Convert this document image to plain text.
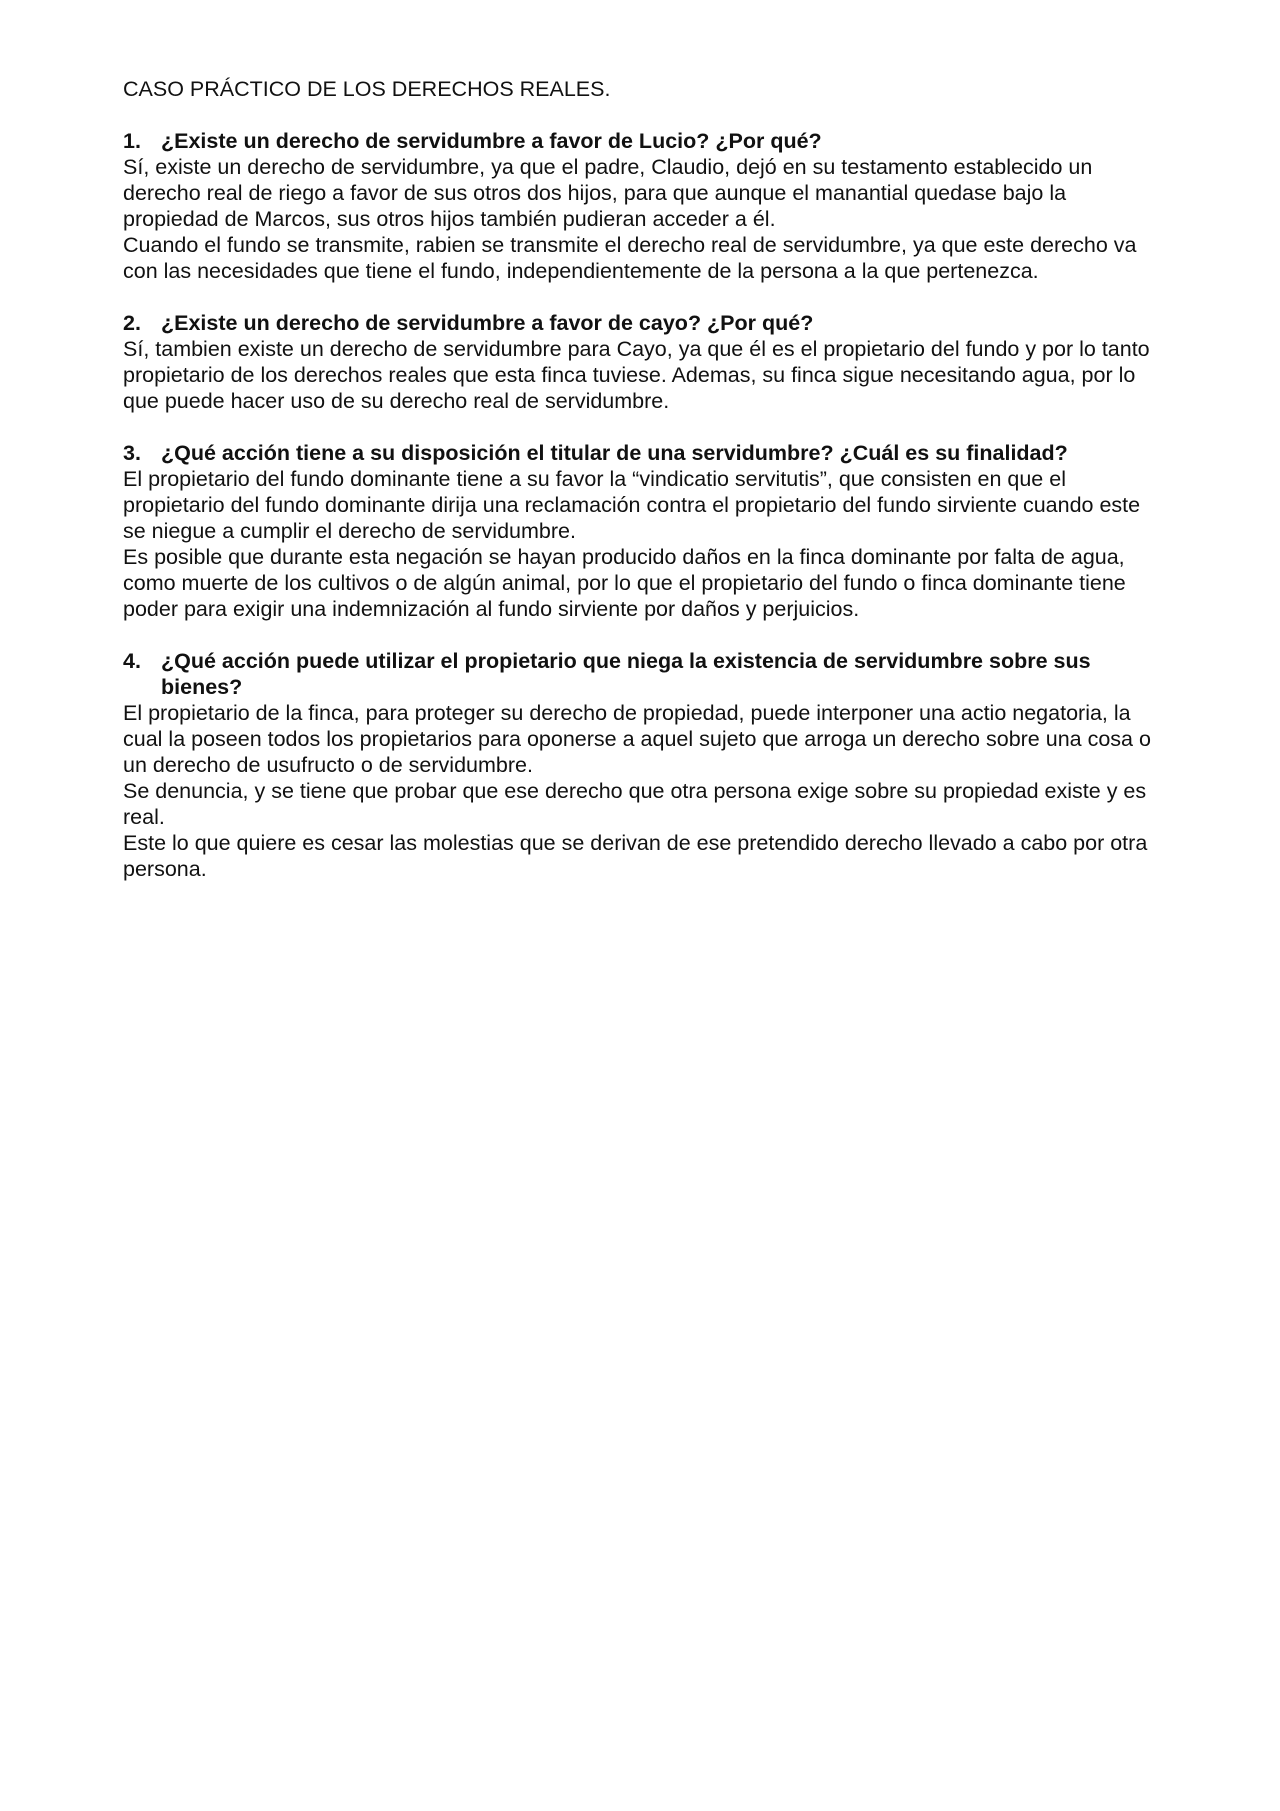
CASO PRÁCTICO DE LOS DERECHOS REALES.
1. ¿Existe un derecho de servidumbre a favor de Lucio? ¿Por qué?

Sí, existe un derecho de servidumbre, ya que el padre, Claudio, dejó en su testamento establecido un derecho real de riego a favor de sus otros dos hijos, para que aunque el manantial quedase bajo la propiedad de Marcos, sus otros hijos también pudieran acceder a él.

Cuando el fundo se transmite, rabien se transmite el derecho real de servidumbre, ya que este derecho va con las necesidades que tiene el fundo, independientemente de la persona a la que pertenezca.

2. ¿Existe un derecho de servidumbre a favor de cayo? ¿Por qué?

Sí, tambien existe un derecho de servidumbre para Cayo, ya que él es el propietario del fundo y por lo tanto propietario de los derechos reales que esta finca tuviese. Ademas, su finca sigue necesitando agua, por lo que puede hacer uso de su derecho real de servidumbre.

3. ¿Qué acción tiene a su disposición el titular de una servidumbre? ¿Cuál es su finalidad?

El propietario del fundo dominante tiene a su favor la “vindicatio servitutis”, que consisten en que el propietario del fundo dominante dirija una reclamación contra el propietario del fundo sirviente cuando este se niegue a cumplir el derecho de servidumbre.

Es posible que durante esta negación se hayan producido daños en la finca dominante por falta de agua, como muerte de los cultivos o de algún animal, por lo que el propietario del fundo o finca dominante tiene poder para exigir una indemnización al fundo sirviente por daños y perjuicios.

4. ¿Qué acción puede utilizar el propietario que niega la existencia de servidumbre sobre sus bienes?

El propietario de la finca, para proteger su derecho de propiedad, puede interponer una actio negatoria, la cual la poseen todos los propietarios para oponerse a aquel sujeto que arroga un derecho sobre una cosa o un derecho de usufructo o de servidumbre.

Se denuncia, y se tiene que probar que ese derecho que otra persona exige sobre su propiedad existe y es real.

Este lo que quiere es cesar las molestias que se derivan de ese pretendido derecho llevado a cabo por otra persona.
